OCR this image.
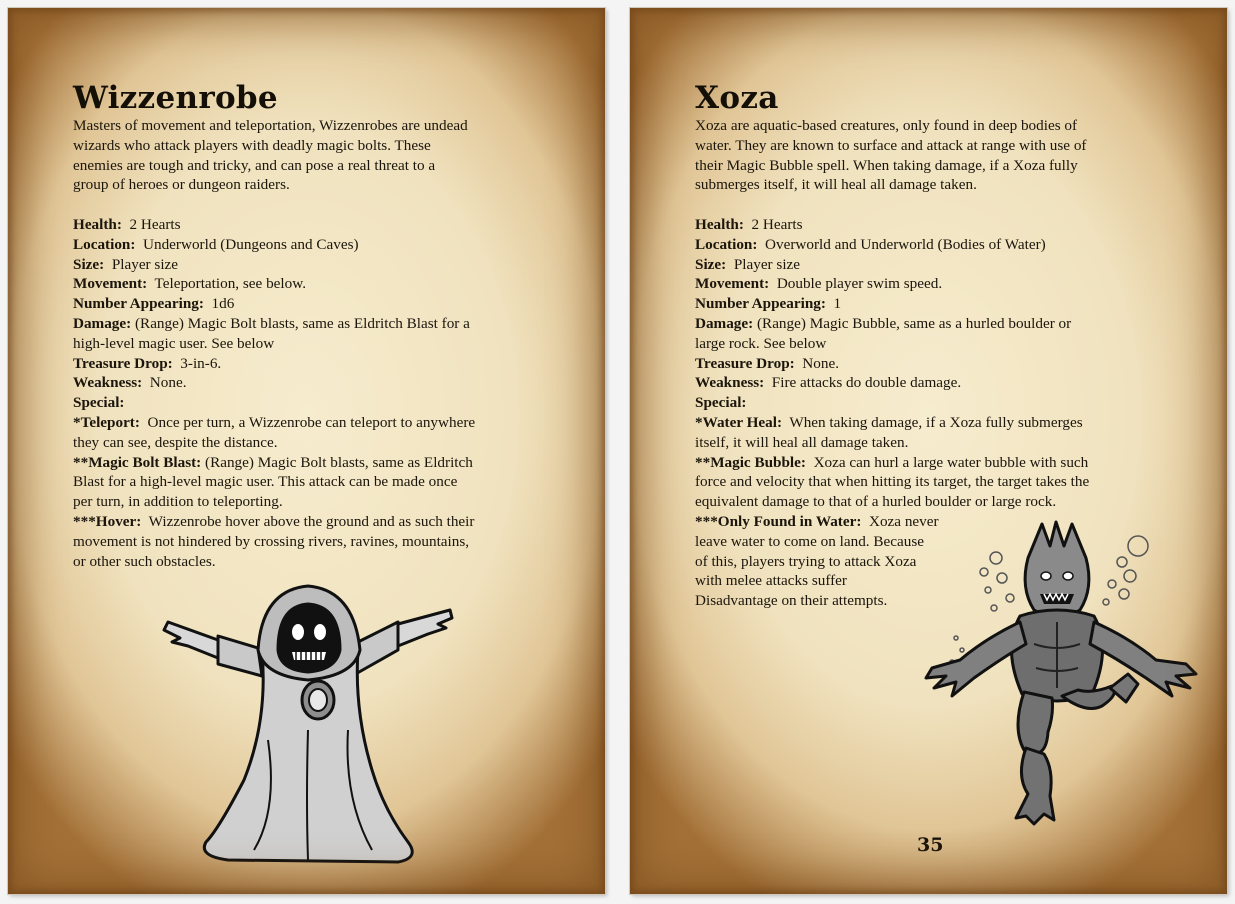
Wizzenrobe

Masters of movement and teleportation, Wizzenrobes are undead

wizards who attack players with deadly magic bolts. These

enemies are tough and tricky, and can pose a real threat to a

group of heroes or dungeon raiders.

Health: 2 Hearts

Location: Underworld (Dungeons and Caves)

Size: Player size

Movement: Teleportation, see below.

Number Appearing: 1d6

Damage: (Range) Magic Bolt blasts, same as Eldritch Blast for a

high-level magic user. See below

Treasure Drop: 3-in-6.

Weakness: None.

Special:

*Teleport: Once per turn, a Wizzenrobe can teleport to anywhere

they can see, despite the distance.

**Magic Bolt Blast: (Range) Magic Bolt blasts, same as Eldritch

Blast for a high-level magic user. This attack can be made once

per turn, in addition to teleporting.

***Hover: Wizzenrobe hover above the ground and as such their

movement is not hindered by crossing rivers, ravines, mountains,

or other such obstacles.

Xoza

Xoza are aquatic-based creatures, only found in deep bodies of

water. They are known to surface and attack at range with use of

their Magic Bubble spell. When taking damage, if a Xoza fully

submerges itself, it will heal all damage taken.

Health: 2 Hearts

Location: Overworld and Underworld (Bodies of Water)

Size: Player size

Movement: Double player swim speed.

Number Appearing: 1

Damage: (Range) Magic Bubble, same as a hurled boulder or

large rock. See below

Treasure Drop: None.

Weakness: Fire attacks do double damage.

Special:

*Water Heal: When taking damage, if a Xoza fully submerges

itself, it will heal all damage taken.

**Magic Bubble: Xoza can hurl a large water bubble with such

force and velocity that when hitting its target, the target takes the

equivalent damage to that of a hurled boulder or large rock.

***Only Found in Water: Xoza never

leave water to come on land. Because

of this, players trying to attack Xoza

with melee attacks suffer

Disadvantage on their attempts.

35
